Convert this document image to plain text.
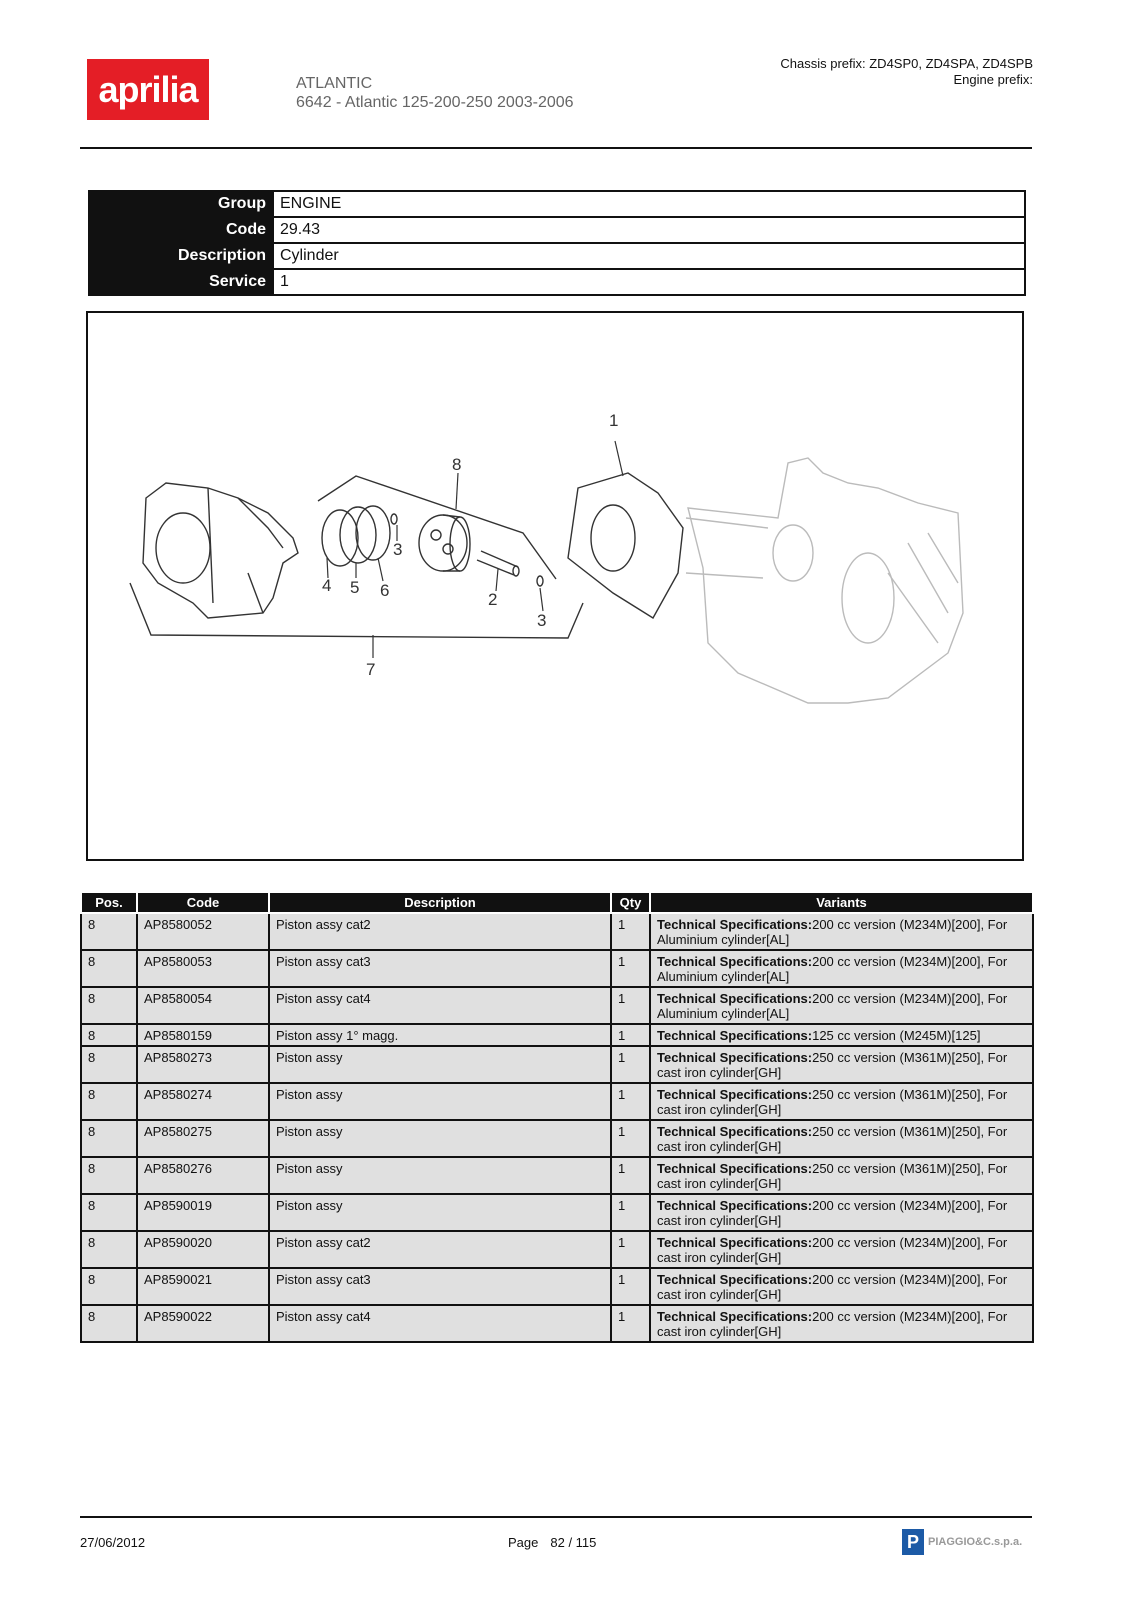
aprilia	ATLANTIC
6642 - Atlantic 125-200-250 2003-2006
Chassis prefix: ZD4SP0, ZD4SPA, ZD4SPB
Engine prefix:
Group	ENGINE
Code	29.43
Description	Cylinder
Service	1
1
2
3
3
4 5 6
7
8
Pos.	Code	Description	Qty	Variants
8	AP8580052	Piston assy cat2	1	Technical Specifications:200 cc version (M234M)[200], For Aluminium cylinder[AL]
8	AP8580053	Piston assy cat3	1	Technical Specifications:200 cc version (M234M)[200], For Aluminium cylinder[AL]
8	AP8580054	Piston assy cat4	1	Technical Specifications:200 cc version (M234M)[200], For Aluminium cylinder[AL]
8	AP8580159	Piston assy 1° magg.	1	Technical Specifications:125 cc version (M245M)[125]
8	AP8580273	Piston assy	1	Technical Specifications:250 cc version (M361M)[250], For cast iron cylinder[GH]
8	AP8580274	Piston assy	1	Technical Specifications:250 cc version (M361M)[250], For cast iron cylinder[GH]
8	AP8580275	Piston assy	1	Technical Specifications:250 cc version (M361M)[250], For cast iron cylinder[GH]
8	AP8580276	Piston assy	1	Technical Specifications:250 cc version (M361M)[250], For cast iron cylinder[GH]
8	AP8590019	Piston assy	1	Technical Specifications:200 cc version (M234M)[200], For cast iron cylinder[GH]
8	AP8590020	Piston assy cat2	1	Technical Specifications:200 cc version (M234M)[200], For cast iron cylinder[GH]
8	AP8590021	Piston assy cat3	1	Technical Specifications:200 cc version (M234M)[200], For cast iron cylinder[GH]
8	AP8590022	Piston assy cat4	1	Technical Specifications:200 cc version (M234M)[200], For cast iron cylinder[GH]
27/06/2012	Page 82 / 115	P PIAGGIO&C.s.p.a.
